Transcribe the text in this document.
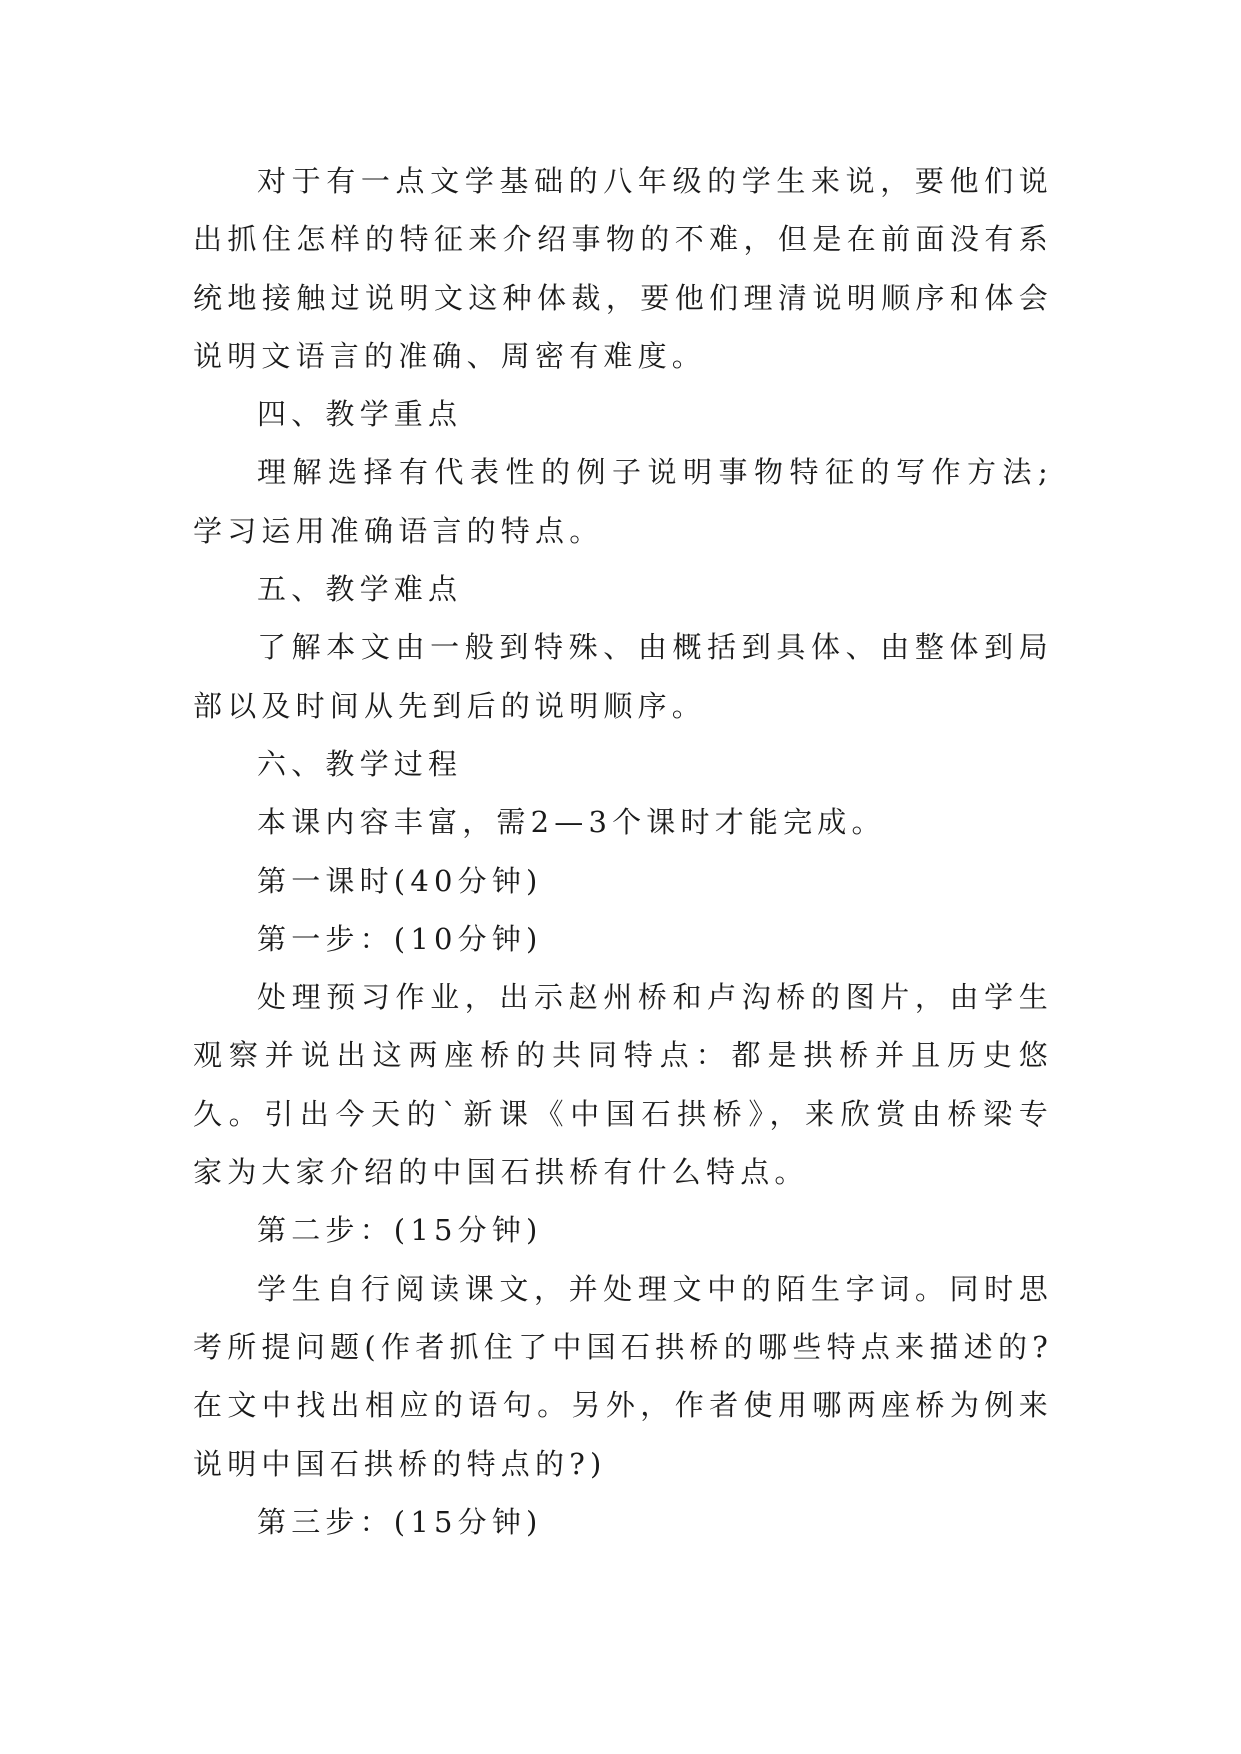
对于有一点文学基础的八年级的学生来说，要他们说出抓住怎样的特征来介绍事物的不难，但是在前面没有系统地接触过说明文这种体裁，要他们理清说明顺序和体会说明文语言的准确、周密有难度。

四、教学重点

理解选择有代表性的例子说明事物特征的写作方法;学习运用准确语言的特点。

五、教学难点

了解本文由一般到特殊、由概括到具体、由整体到局部以及时间从先到后的说明顺序。

六、教学过程

本课内容丰富，需2—3个课时才能完成。

第一课时(40分钟)

第一步：(10分钟)

处理预习作业，出示赵州桥和卢沟桥的图片，由学生观察并说出这两座桥的共同特点：都是拱桥并且历史悠久。引出今天的`新课《中国石拱桥》，来欣赏由桥梁专家为大家介绍的中国石拱桥有什么特点。

第二步：(15分钟)

学生自行阅读课文，并处理文中的陌生字词。同时思考所提问题(作者抓住了中国石拱桥的哪些特点来描述的?在文中找出相应的语句。另外，作者使用哪两座桥为例来说明中国石拱桥的特点的?)

第三步：(15分钟)
